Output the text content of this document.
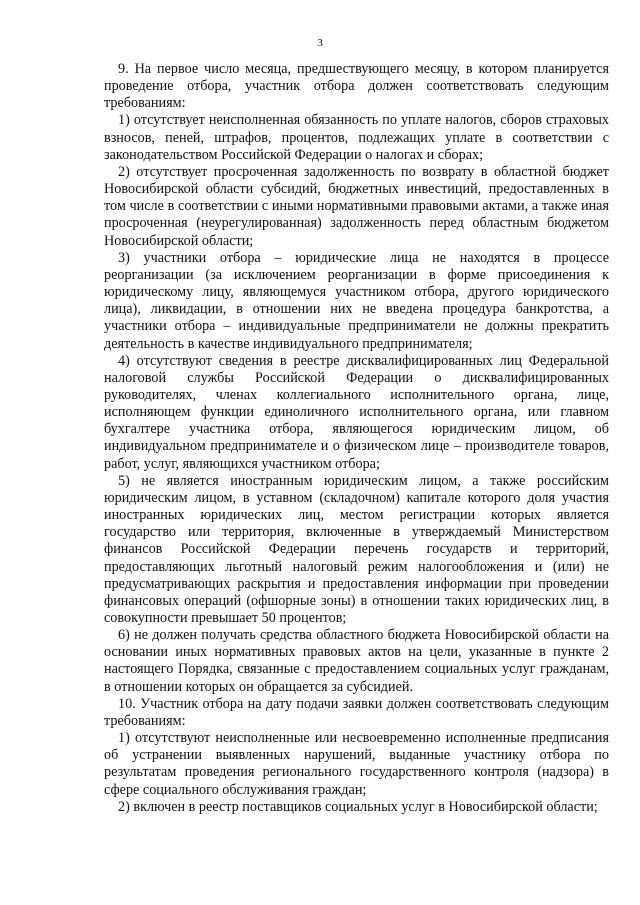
3

9. На первое число месяца, предшествующего месяцу, в котором планируется проведение отбора, участник отбора должен соответствовать следующим требованиям:

1) отсутствует неисполненная обязанность по уплате налогов, сборов страховых взносов, пеней, штрафов, процентов, подлежащих уплате в соответствии с законодательством Российской Федерации о налогах и сборах;

2) отсутствует просроченная задолженность по возврату в областной бюджет Новосибирской области субсидий, бюджетных инвестиций, предоставленных в том числе в соответствии с иными нормативными правовыми актами, а также иная просроченная (неурегулированная) задолженность перед областным бюджетом Новосибирской области;

3) участники отбора – юридические лица не находятся в процессе реорганизации (за исключением реорганизации в форме присоединения к юридическому лицу, являющемуся участником отбора, другого юридического лица), ликвидации, в отношении них не введена процедура банкротства, а участники отбора – индивидуальные предприниматели не должны прекратить деятельность в качестве индивидуального предпринимателя;

4) отсутствуют сведения в реестре дисквалифицированных лиц Федеральной налоговой службы Российской Федерации о дисквалифицированных руководителях, членах коллегиального исполнительного органа, лице, исполняющем функции единоличного исполнительного органа, или главном бухгалтере участника отбора, являющегося юридическим лицом, об индивидуальном предпринимателе и о физическом лице – производителе товаров, работ, услуг, являющихся участником отбора;

5) не является иностранным юридическим лицом, а также российским юридическим лицом, в уставном (складочном) капитале которого доля участия иностранных юридических лиц, местом регистрации которых является государство или территория, включенные в утверждаемый Министерством финансов Российской Федерации перечень государств и территорий, предоставляющих льготный налоговый режим налогообложения и (или) не предусматривающих раскрытия и предоставления информации при проведении финансовых операций (офшорные зоны) в отношении таких юридических лиц, в совокупности превышает 50 процентов;

6) не должен получать средства областного бюджета Новосибирской области на основании иных нормативных правовых актов на цели, указанные в пункте 2 настоящего Порядка, связанные с предоставлением социальных услуг гражданам, в отношении которых он обращается за субсидией.

10. Участник отбора на дату подачи заявки должен соответствовать следующим требованиям:

1) отсутствуют неисполненные или несвоевременно исполненные предписания об устранении выявленных нарушений, выданные участнику отбора по результатам проведения регионального государственного контроля (надзора) в сфере социального обслуживания граждан;

2) включен в реестр поставщиков социальных услуг в Новосибирской области;
